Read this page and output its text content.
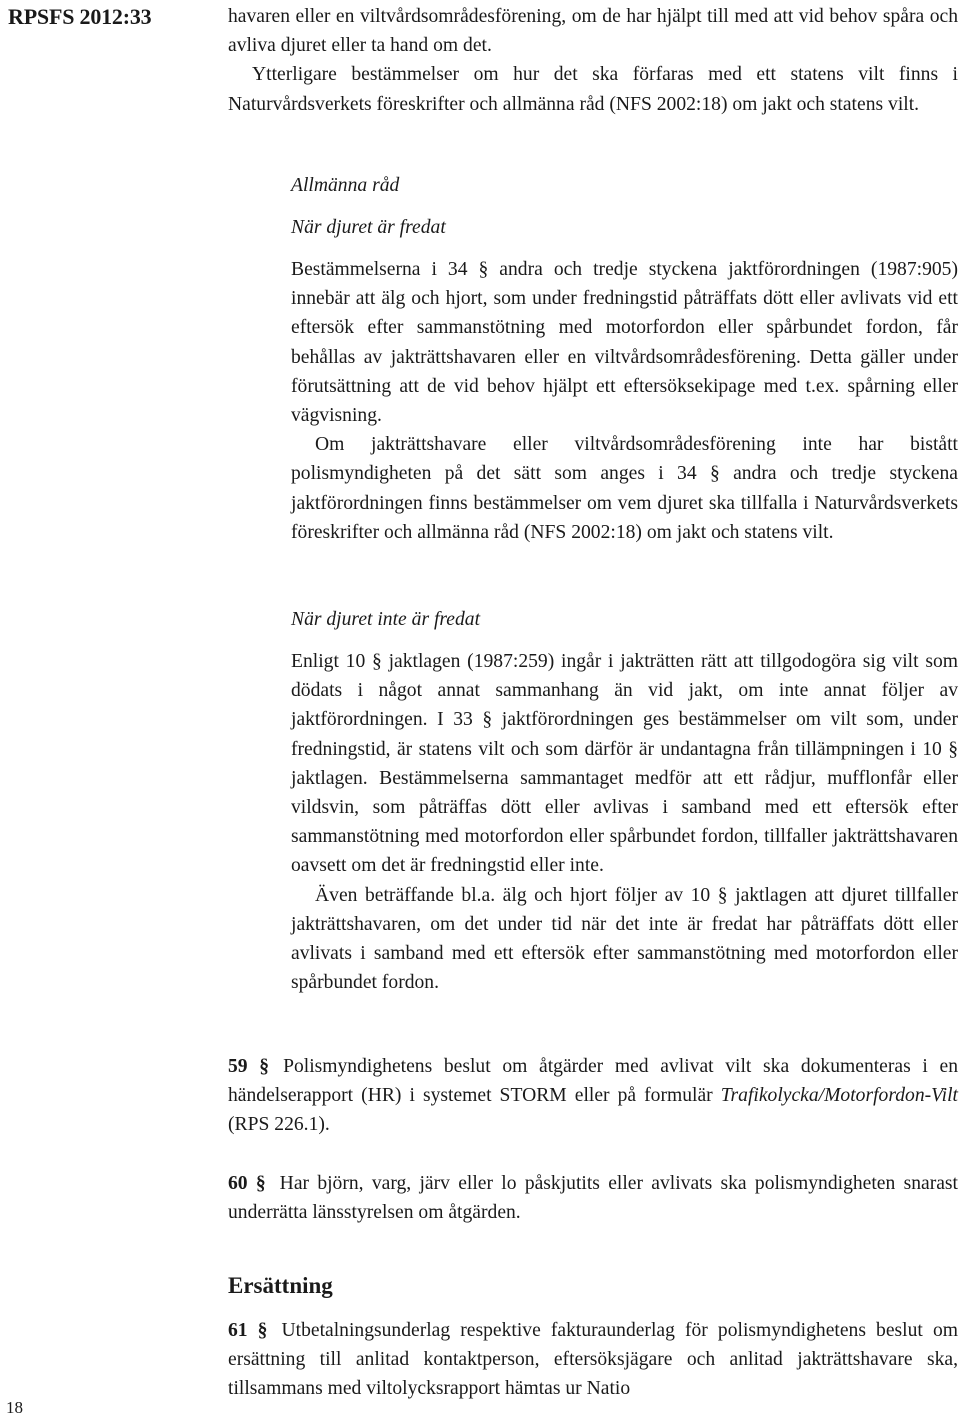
RPSFS 2012:33
18

havaren eller en viltvårdsområdesförening, om de har hjälpt till med att vid behov spåra och avliva djuret eller ta hand om det.

Ytterligare bestämmelser om hur det ska förfaras med ett statens vilt finns i Naturvårdsverkets föreskrifter och allmänna råd (NFS 2002:18) om jakt och statens vilt.

Allmänna råd

När djuret är fredat

Bestämmelserna i 34 § andra och tredje styckena jaktförordningen (1987:905) innebär att älg och hjort, som under fredningstid påträffats dött eller avlivats vid ett eftersök efter sammanstötning med motorfordon eller spårbundet fordon, får behållas av jakträttshavaren eller en viltvårdsområdesförening. Detta gäller under förutsättning att de vid behov hjälpt ett eftersöksekipage med t.ex. spårning eller vägvisning.

Om jakträttshavare eller viltvårdsområdesförening inte har bistått polismyndigheten på det sätt som anges i 34 § andra och tredje styckena jaktförordningen finns bestämmelser om vem djuret ska tillfalla i Naturvårdsverkets föreskrifter och allmänna råd (NFS 2002:18) om jakt och statens vilt.

När djuret inte är fredat

Enligt 10 § jaktlagen (1987:259) ingår i jakträtten rätt att tillgodogöra sig vilt som dödats i något annat sammanhang än vid jakt, om inte annat följer av jaktförordningen. I 33 § jaktförordningen ges bestämmelser om vilt som, under fredningstid, är statens vilt och som därför är undantagna från tillämpningen i 10 § jaktlagen. Bestämmelserna sammantaget medför att ett rådjur, mufflonfår eller vildsvin, som påträffas dött eller avlivas i samband med ett eftersök efter sammanstötning med motorfordon eller spårbundet fordon, tillfaller jakträttshavaren oavsett om det är fredningstid eller inte.

Även beträffande bl.a. älg och hjort följer av 10 § jaktlagen att djuret tillfaller jakträttshavaren, om det under tid när det inte är fredat har påträffats dött eller avlivats i samband med ett eftersök efter sammanstötning med motorfordon eller spårbundet fordon.

59 § Polismyndighetens beslut om åtgärder med avlivat vilt ska dokumenteras i en händelserapport (HR) i systemet STORM eller på formulär Trafikolycka/Motorfordon-Vilt (RPS 226.1).

60 § Har björn, varg, järv eller lo påskjutits eller avlivats ska polismyndigheten snarast underrätta länsstyrelsen om åtgärden.

Ersättning

61 § Utbetalningsunderlag respektive fakturaunderlag för polismyndighetens beslut om ersättning till anlitad kontaktperson, eftersöksjägare och anlitad jakträttshavare ska, tillsammans med viltolycksrapport hämtas ur Natio
